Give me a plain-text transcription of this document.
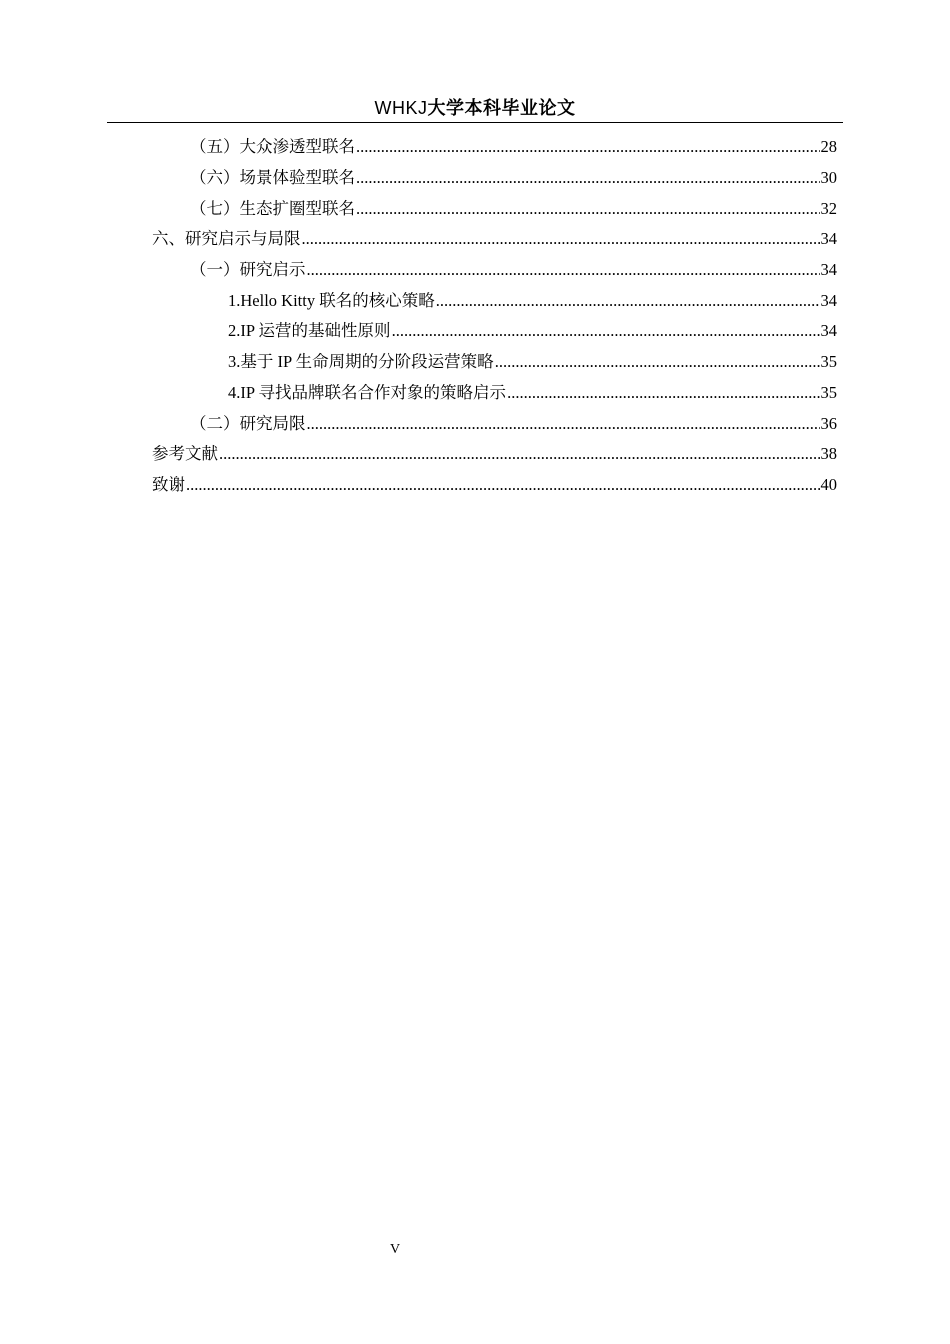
WHKJ大学本科毕业论文
（五）大众渗透型联名 .....	28
（六）场景体验型联名 .....	30
（七）生态扩圈型联名 .....	32
六、研究启示与局限 .....	34
（一）研究启示 .....	34
1.Hello Kitty 联名的核心策略 .....	34
2.IP 运营的基础性原则 .....	34
3.基于 IP 生命周期的分阶段运营策略 .....	35
4.IP 寻找品牌联名合作对象的策略启示 .....	35
（二）研究局限 .....	36
参考文献 .....	38
致谢 .....	40
V
